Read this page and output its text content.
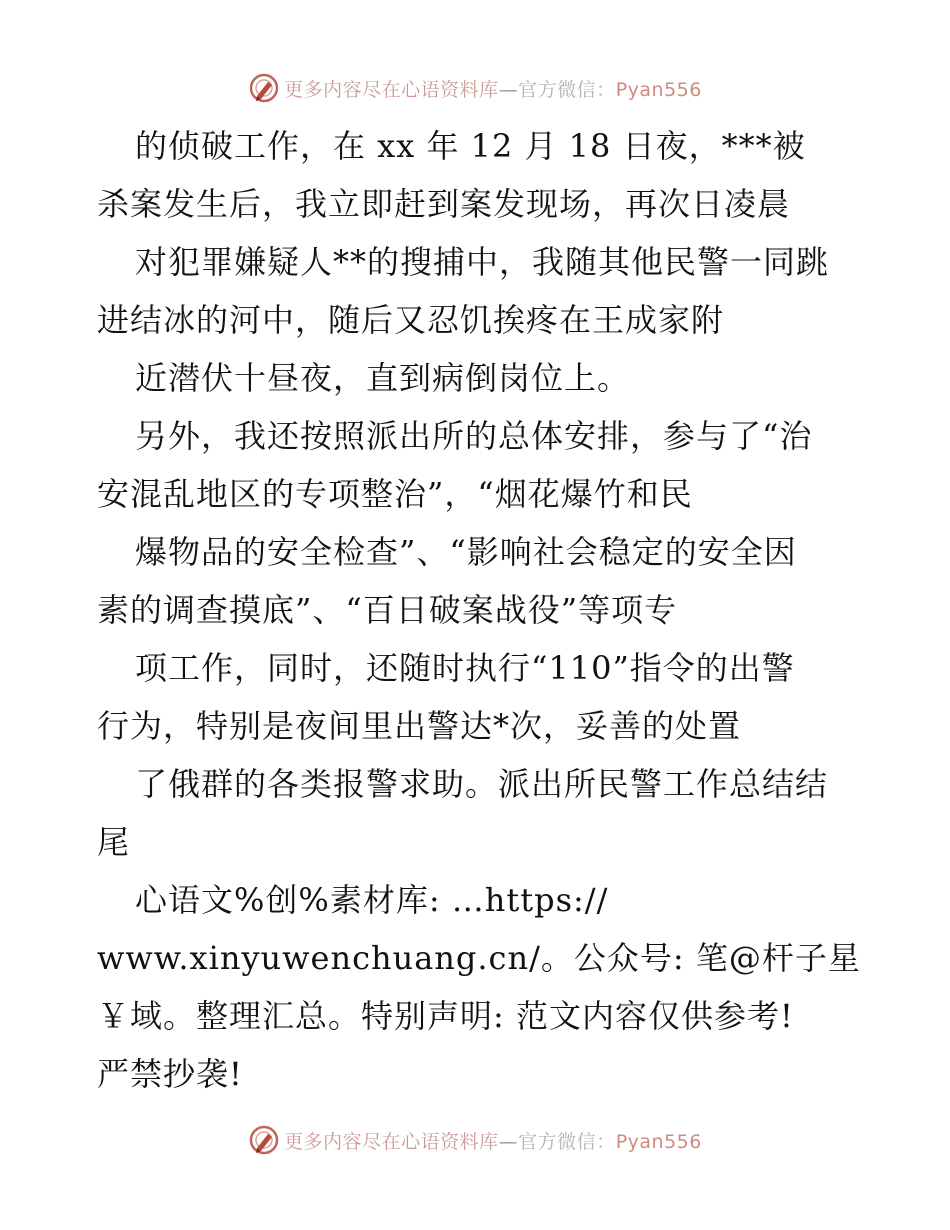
更多内容尽在心语资料库—官方微信：Pyan556
的侦破工作，在 xx 年 12 月 18 日夜，***被
杀案发生后，我立即赶到案发现场，再次日凌晨
对犯罪嫌疑人**的搜捕中，我随其他民警一同跳
进结冰的河中，随后又忍饥挨疼在王成家附
近潜伏十昼夜，直到病倒岗位上。
另外，我还按照派出所的总体安排，参与了“治
安混乱地区的专项整治”，“烟花爆竹和民
爆物品的安全检查”、“影响社会稳定的安全因
素的调查摸底”、“百日破案战役”等项专
项工作，同时，还随时执行“110”指令的出警
行为，特别是夜间里出警达*次，妥善的处置
了俄群的各类报警求助。派出所民警工作总结结
尾
心语文%创%素材库: …https://
www.xinyuwenchuang.cn/。公众号: 笔@杆子星
￥域。整理汇总。特别声明: 范文内容仅供参考!
严禁抄袭!
更多内容尽在心语资料库—官方微信：Pyan556
